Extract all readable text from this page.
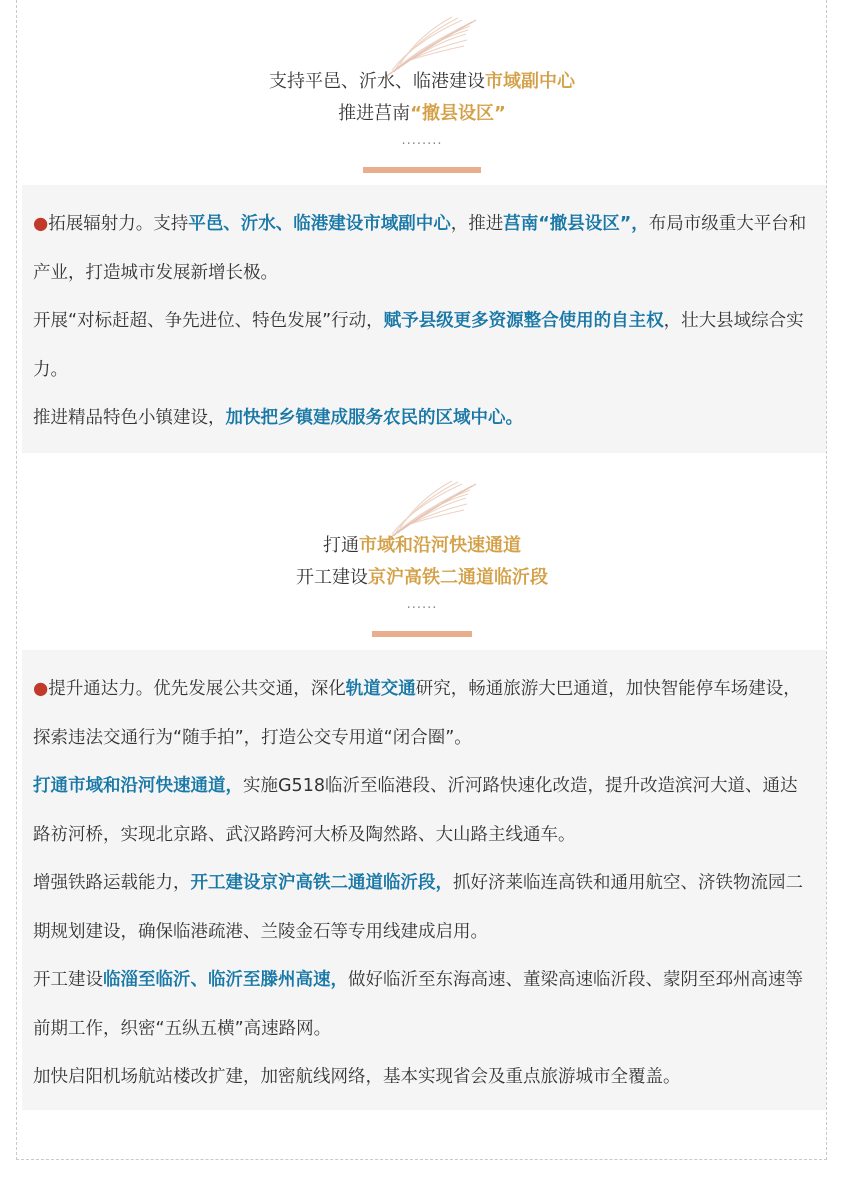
支持平邑、沂水、临港建设市域副中心
推进莒南“撤县设区”
........

●拓展辐射力。支持平邑、沂水、临港建设市域副中心，推进莒南“撤县设区”，布局市级重大平台和产业，打造城市发展新增长极。

开展“对标赶超、争先进位、特色发展”行动，赋予县级更多资源整合使用的自主权，壮大县域综合实力。

推进精品特色小镇建设，加快把乡镇建成服务农民的区域中心。

打通市域和沿河快速通道
开工建设京沪高铁二通道临沂段
......

●提升通达力。优先发展公共交通，深化轨道交通研究，畅通旅游大巴通道，加快智能停车场建设，探索违法交通行为“随手拍”，打造公交专用道“闭合圈”。

打通市域和沿河快速通道，实施G518临沂至临港段、沂河路快速化改造，提升改造滨河大道、通达路祊河桥，实现北京路、武汉路跨河大桥及陶然路、大山路主线通车。

增强铁路运载能力，开工建设京沪高铁二通道临沂段，抓好济莱临连高铁和通用航空、济铁物流园二期规划建设，确保临港疏港、兰陵金石等专用线建成启用。

开工建设临淄至临沂、临沂至滕州高速，做好临沂至东海高速、董梁高速临沂段、蒙阴至邳州高速等前期工作，织密“五纵五横”高速路网。

加快启阳机场航站楼改扩建，加密航线网络，基本实现省会及重点旅游城市全覆盖。
